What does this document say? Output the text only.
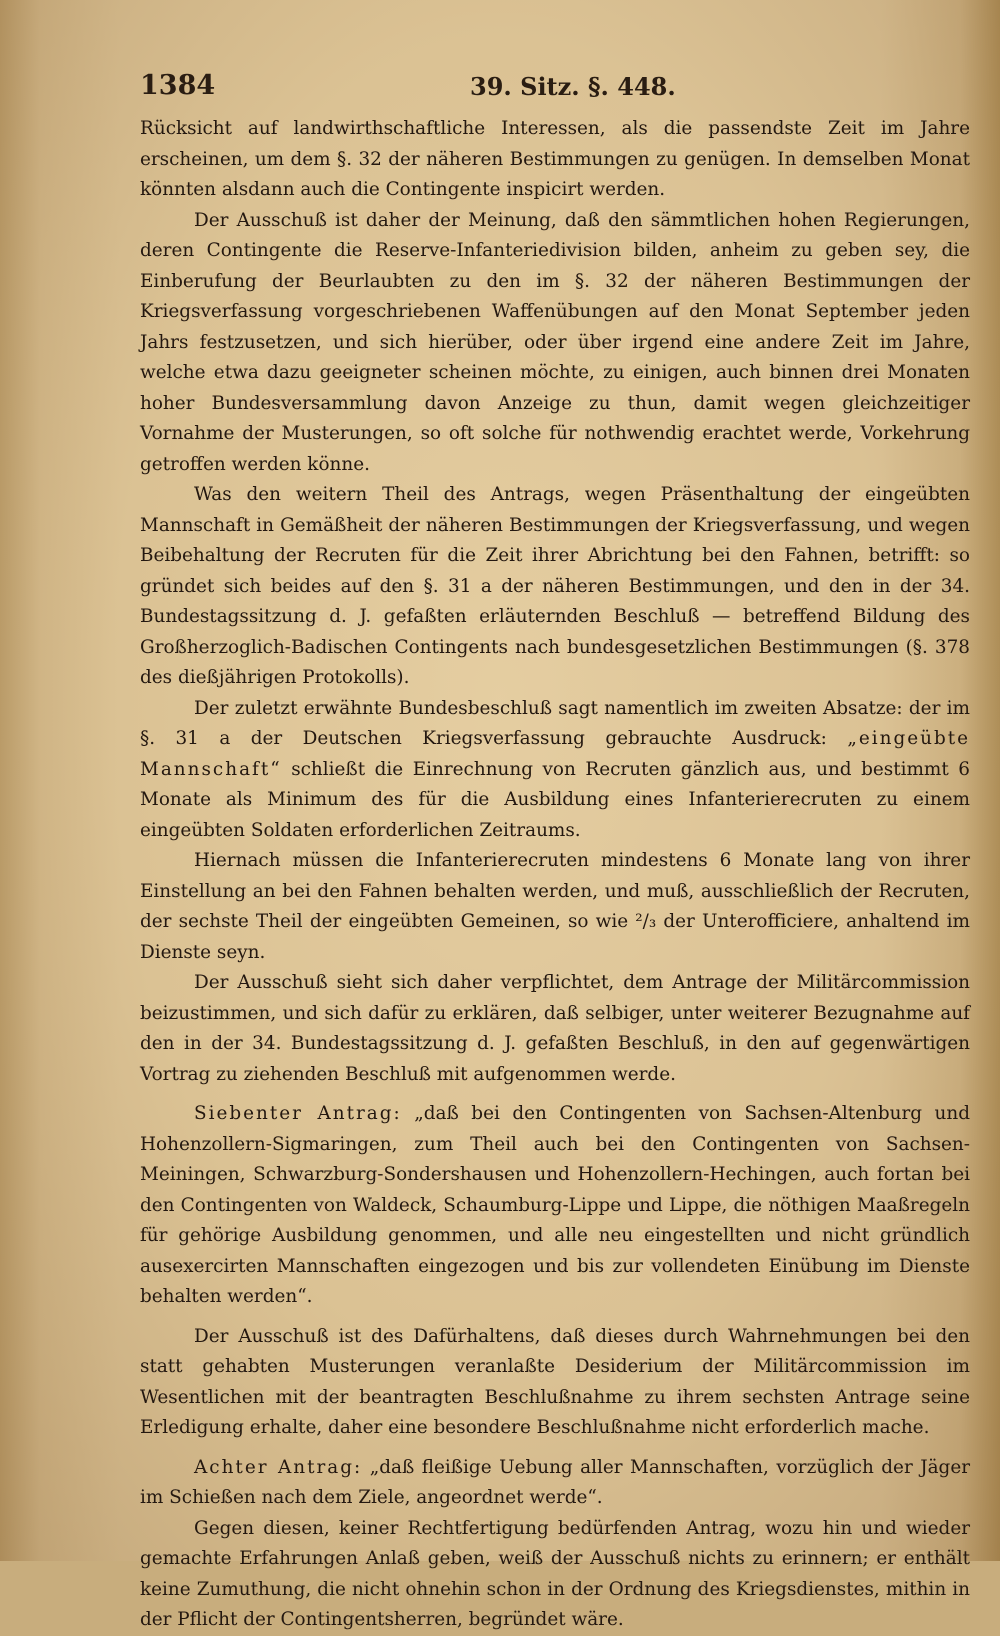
1384	39. Sitz. §. 448.

Rücksicht auf landwirthschaftliche Interessen, als die passendste Zeit im Jahre erscheinen, um dem §. 32 der näheren Bestimmungen zu genügen. In demselben Monat könnten alsdann auch die Contingente inspicirt werden.

Der Ausschuß ist daher der Meinung, daß den sämmtlichen hohen Regierungen, deren Contingente die Reserve-Infanteriedivision bilden, anheim zu geben sey, die Einberufung der Beurlaubten zu den im §. 32 der näheren Bestimmungen der Kriegsverfassung vorgeschriebenen Waffenübungen auf den Monat September jeden Jahrs festzusetzen, und sich hierüber, oder über irgend eine andere Zeit im Jahre, welche etwa dazu geeigneter scheinen möchte, zu einigen, auch binnen drei Monaten hoher Bundesversammlung davon Anzeige zu thun, damit wegen gleichzeitiger Vornahme der Musterungen, so oft solche für nothwendig erachtet werde, Vorkehrung getroffen werden könne.

Was den weitern Theil des Antrags, wegen Präsenthaltung der eingeübten Mannschaft in Gemäßheit der näheren Bestimmungen der Kriegsverfassung, und wegen Beibehaltung der Recruten für die Zeit ihrer Abrichtung bei den Fahnen, betrifft: so gründet sich beides auf den §. 31 a der näheren Bestimmungen, und den in der 34. Bundestagssitzung d. J. gefaßten erläuternden Beschluß — betreffend Bildung des Großherzoglich-Badischen Contingents nach bundesgesetzlichen Bestimmungen (§. 378 des dießjährigen Protokolls).

Der zuletzt erwähnte Bundesbeschluß sagt namentlich im zweiten Absatze: der im §. 31 a der Deutschen Kriegsverfassung gebrauchte Ausdruck: „eingeübte Mannschaft“ schließt die Einrechnung von Recruten gänzlich aus, und bestimmt 6 Monate als Minimum des für die Ausbildung eines Infanterierecruten zu einem eingeübten Soldaten erforderlichen Zeitraums.

Hiernach müssen die Infanterierecruten mindestens 6 Monate lang von ihrer Einstellung an bei den Fahnen behalten werden, und muß, ausschließlich der Recruten, der sechste Theil der eingeübten Gemeinen, so wie ²/₃ der Unterofficiere, anhaltend im Dienste seyn.

Der Ausschuß sieht sich daher verpflichtet, dem Antrage der Militärcommission beizustimmen, und sich dafür zu erklären, daß selbiger, unter weiterer Bezugnahme auf den in der 34. Bundestagssitzung d. J. gefaßten Beschluß, in den auf gegenwärtigen Vortrag zu ziehenden Beschluß mit aufgenommen werde.

Siebenter Antrag: „daß bei den Contingenten von Sachsen-Altenburg und Hohenzollern-Sigmaringen, zum Theil auch bei den Contingenten von Sachsen-Meiningen, Schwarzburg-Sondershausen und Hohenzollern-Hechingen, auch fortan bei den Contingenten von Waldeck, Schaumburg-Lippe und Lippe, die nöthigen Maaßregeln für gehörige Ausbildung genommen, und alle neu eingestellten und nicht gründlich ausexercirten Mannschaften eingezogen und bis zur vollendeten Einübung im Dienste behalten werden“.

Der Ausschuß ist des Dafürhaltens, daß dieses durch Wahrnehmungen bei den statt gehabten Musterungen veranlaßte Desiderium der Militärcommission im Wesentlichen mit der beantragten Beschlußnahme zu ihrem sechsten Antrage seine Erledigung erhalte, daher eine besondere Beschlußnahme nicht erforderlich mache.

Achter Antrag: „daß fleißige Uebung aller Mannschaften, vorzüglich der Jäger im Schießen nach dem Ziele, angeordnet werde“.

Gegen diesen, keiner Rechtfertigung bedürfenden Antrag, wozu hin und wieder gemachte Erfahrungen Anlaß geben, weiß der Ausschuß nichts zu erinnern; er enthält keine Zumuthung, die nicht ohnehin schon in der Ordnung des Kriegsdienstes, mithin in der Pflicht der Contingentsherren, begründet wäre.
